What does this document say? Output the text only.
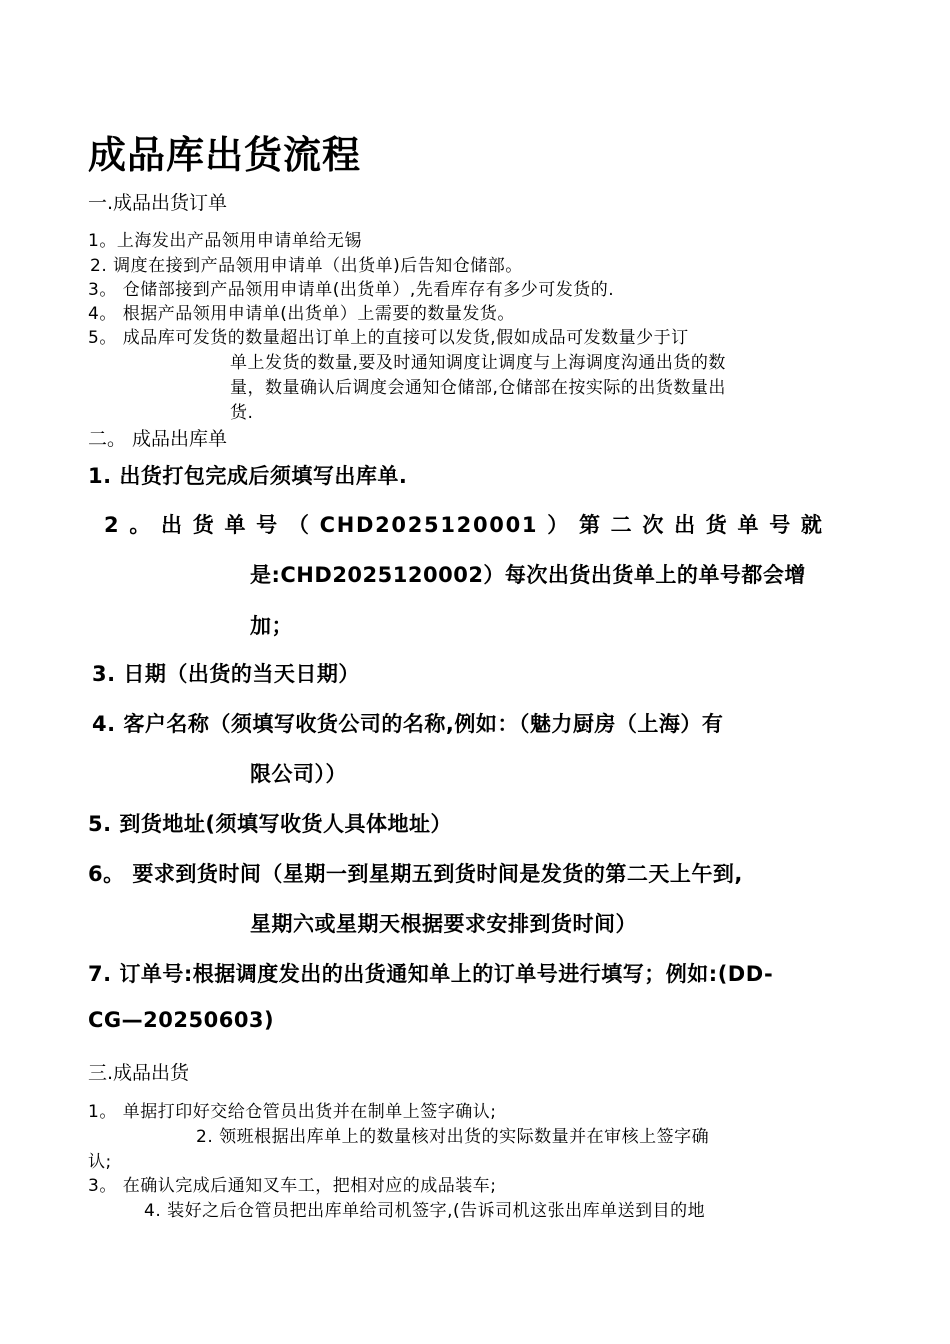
成品库出货流程
一.成品出货订单
1。上海发出产品领用申请单给无锡
2. 调度在接到产品领用申请单（出货单)后告知仓储部。
3。 仓储部接到产品领用申请单(出货单）,先看库存有多少可发货的.
4。 根据产品领用申请单(出货单）上需要的数量发货。
5。 成品库可发货的数量超出订单上的直接可以发货,假如成品可发数量少于订
单上发货的数量,要及时通知调度让调度与上海调度沟通出货的数
量，数量确认后调度会通知仓储部,仓储部在按实际的出货数量出
货.
二。 成品出库单
1. 出货打包完成后须填写出库单.
2 。 出 货 单 号 （ CHD2025120001 ） 第 二 次 出 货 单 号 就
是:CHD2025120002）每次出货出货单上的单号都会增
加；
3. 日期（出货的当天日期）
4. 客户名称（须填写收货公司的名称,例如：（魅力厨房（上海）有
限公司））
5. 到货地址(须填写收货人具体地址）
6。 要求到货时间（星期一到星期五到货时间是发货的第二天上午到,
星期六或星期天根据要求安排到货时间）
7. 订单号:根据调度发出的出货通知单上的订单号进行填写；例如:(DD-
CG—20250603)
三.成品出货
1。 单据打印好交给仓管员出货并在制单上签字确认;
2. 领班根据出库单上的数量核对出货的实际数量并在审核上签字确
认;
3。 在确认完成后通知叉车工，把相对应的成品装车;
4. 装好之后仓管员把出库单给司机签字,(告诉司机这张出库单送到目的地
